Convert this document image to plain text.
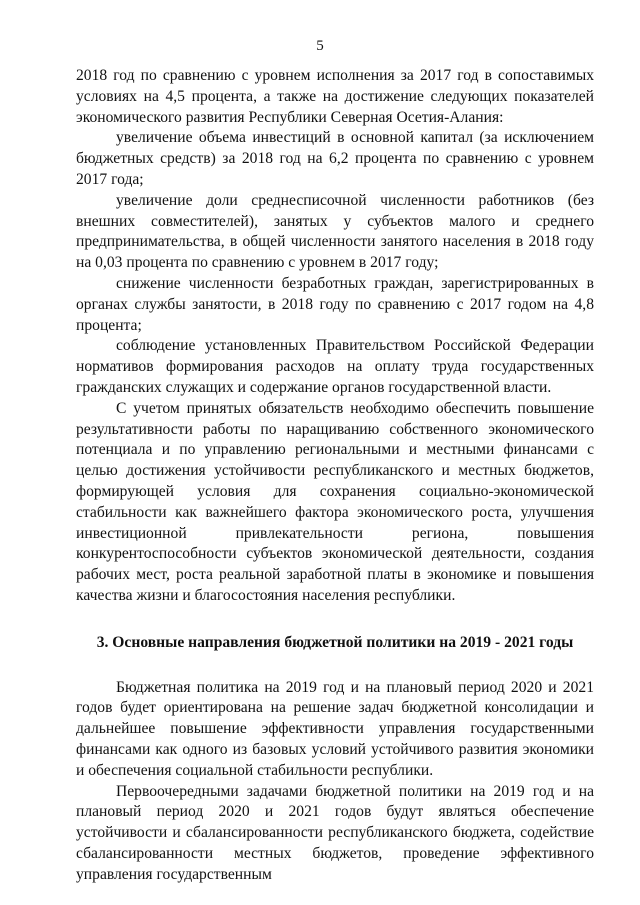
5

2018 год по сравнению с уровнем исполнения за 2017 год в сопоставимых условиях на 4,5 процента, а также на достижение следующих показателей экономического развития Республики Северная Осетия-Алания:

увеличение объема инвестиций в основной капитал (за исключением бюджетных средств) за 2018 год на 6,2 процента по сравнению с уровнем 2017 года;

увеличение доли среднесписочной численности работников (без внешних совместителей), занятых у субъектов малого и среднего предпринимательства, в общей численности занятого населения в 2018 году на 0,03 процента по сравнению с уровнем в 2017 году;

снижение численности безработных граждан, зарегистрированных в органах службы занятости, в 2018 году по сравнению с 2017 годом на 4,8 процента;

соблюдение установленных Правительством Российской Федерации нормативов формирования расходов на оплату труда государственных гражданских служащих и содержание органов государственной власти.

С учетом принятых обязательств необходимо обеспечить повышение результативности работы по наращиванию собственного экономического потенциала и по управлению региональными и местными финансами с целью достижения устойчивости республиканского и местных бюджетов, формирующей условия для сохранения социально-экономической стабильности как важнейшего фактора экономического роста, улучшения инвестиционной привлекательности региона, повышения конкурентоспособности субъектов экономической деятельности, создания рабочих мест, роста реальной заработной платы в экономике и повышения качества жизни и благосостояния населения республики.

3. Основные направления бюджетной политики на 2019 - 2021 годы

Бюджетная политика на 2019 год и на плановый период 2020 и 2021 годов будет ориентирована на решение задач бюджетной консолидации и дальнейшее повышение эффективности управления государственными финансами как одного из базовых условий устойчивого развития экономики и обеспечения социальной стабильности республики.

Первоочередными задачами бюджетной политики на 2019 год и на плановый период 2020 и 2021 годов будут являться обеспечение устойчивости и сбалансированности республиканского бюджета, содействие сбалансированности местных бюджетов, проведение эффективного управления государственным
